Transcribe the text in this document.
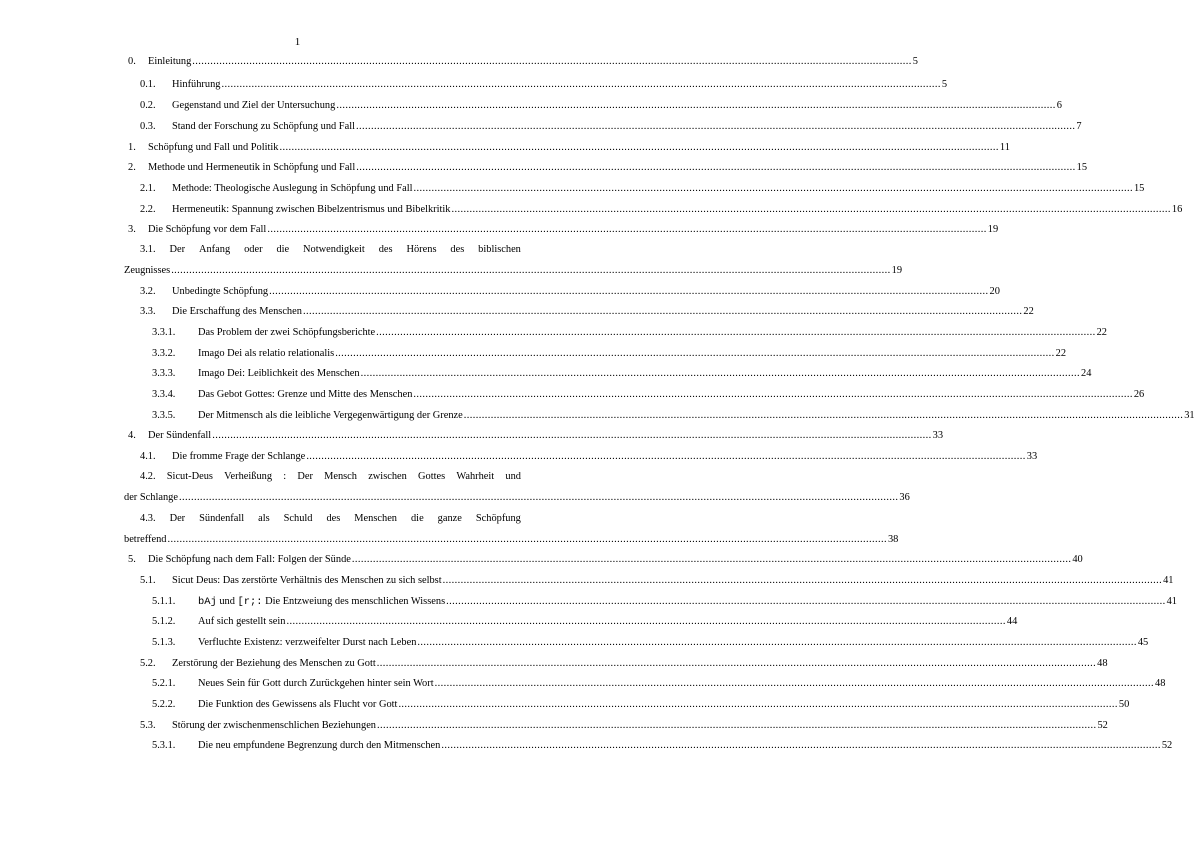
1
0.	Einleitung .....	5
0.1.	Hinführung .....	5
0.2.	Gegenstand und Ziel der Untersuchung .....	6
0.3.	Stand der Forschung zu Schöpfung und Fall .....	7
1.	Schöpfung und Fall und Politik .....	11
2.	Methode und Hermeneutik in Schöpfung und Fall .....	15
2.1.	Methode: Theologische Auslegung in Schöpfung und Fall .....	15
2.2.	Hermeneutik: Spannung zwischen Bibelzentrismus und Bibelkritik .....	16
3.	Die Schöpfung vor dem Fall .....	19
3.1. Der Anfang oder die Notwendigkeit des Hörens des biblischen
Zeugnisses .....	19
3.2.	Unbedingte Schöpfung .....	20
3.3.	Die Erschaffung des Menschen .....	22
3.3.1.	Das Problem der zwei Schöpfungsberichte .....	22
3.3.2.	Imago Dei als relatio relationalis .....	22
3.3.3.	Imago Dei: Leiblichkeit des Menschen .....	24
3.3.4.	Das Gebot Gottes: Grenze und Mitte des Menschen .....	26
3.3.5.	Der Mitmensch als die leibliche Vergegenwärtigung der Grenze .....	31
4.	Der Sündenfall .....	33
4.1.	Die fromme Frage der Schlange .....	33
4.2. Sicut-Deus Verheißung : Der Mensch zwischen Gottes Wahrheit und
der Schlange .....	36
4.3. Der Sündenfall als Schuld des Menschen die ganze Schöpfung
betreffend .....	38
5.	Die Schöpfung nach dem Fall: Folgen der Sünde .....	40
5.1.	Sicut Deus: Das zerstörte Verhältnis des Menschen zu sich selbst .....	41
5.1.1.	bAj und [r;: Die Entzweiung des menschlichen Wissens .....	41
5.1.2.	Auf sich gestellt sein .....	44
5.1.3.	Verfluchte Existenz: verzweifelter Durst nach Leben .....	45
5.2.	Zerstörung der Beziehung des Menschen zu Gott .....	48
5.2.1.	Neues Sein für Gott durch Zurückgehen hinter sein Wort .....	48
5.2.2.	Die Funktion des Gewissens als Flucht vor Gott .....	50
5.3.	Störung der zwischenmenschlichen Beziehungen .....	52
5.3.1.	Die neu empfundene Begrenzung durch den Mitmenschen .....	52
